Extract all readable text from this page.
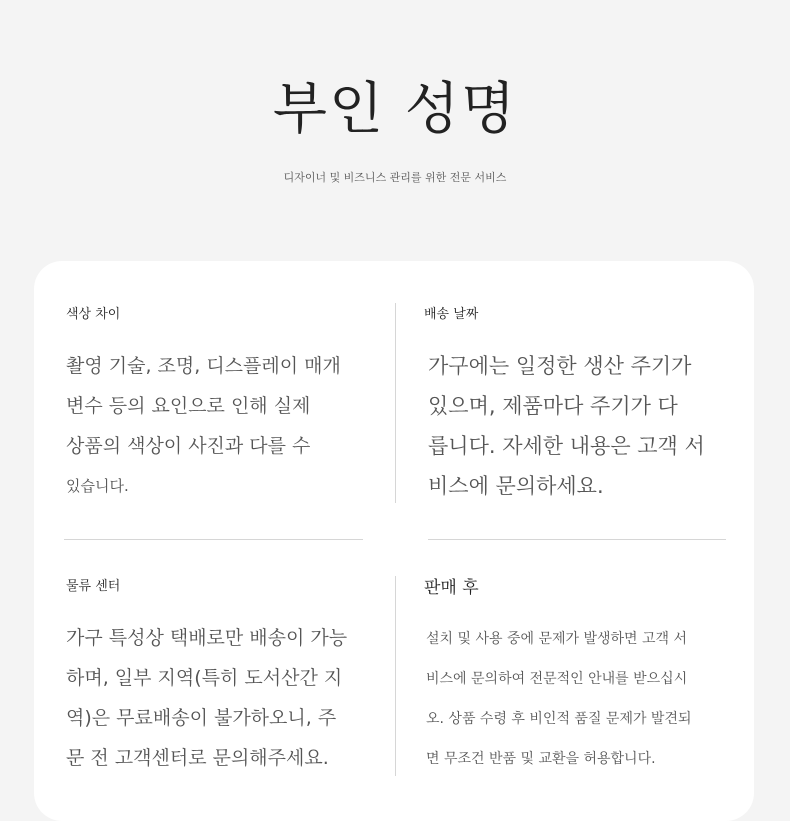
부인 성명
디자이너 및 비즈니스 관리를 위한 전문 서비스
색상 차이
촬영 기술, 조명, 디스플레이 매개
변수 등의 요인으로 인해 실제
상품의 색상이 사진과 다를 수
있습니다.
배송 날짜
가구에는 일정한 생산 주기가
있으며, 제품마다 주기가 다
릅니다. 자세한 내용은 고객 서
비스에 문의하세요.
물류 센터
가구 특성상 택배로만 배송이 가능
하며, 일부 지역(특히 도서산간 지
역)은 무료배송이 불가하오니, 주
문 전 고객센터로 문의해주세요.
판매 후
설치 및 사용 중에 문제가 발생하면 고객 서
비스에 문의하여 전문적인 안내를 받으십시
오. 상품 수령 후 비인적 품질 문제가 발견되
면 무조건 반품 및 교환을 허용합니다.
